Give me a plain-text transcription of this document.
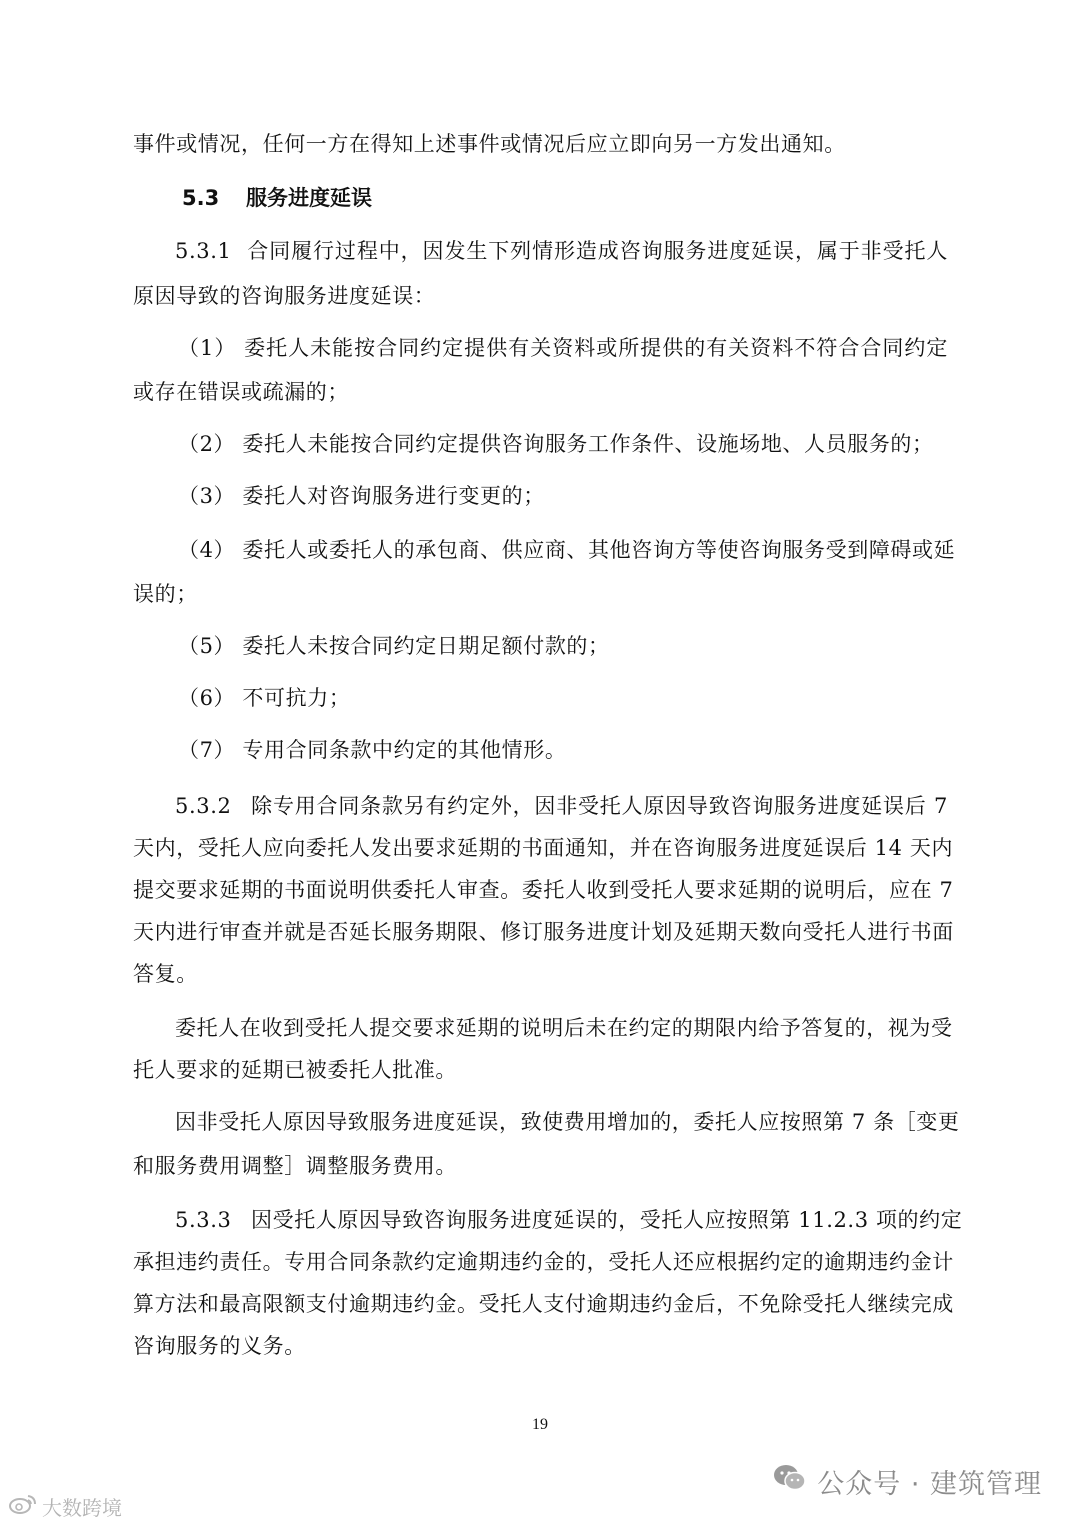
事件或情况，任何一方在得知上述事件或情况后应立即向另一方发出通知。
5.3 服务进度延误
5.3.1 合同履行过程中，因发生下列情形造成咨询服务进度延误，属于非受托人
原因导致的咨询服务进度延误：
（1） 委托人未能按合同约定提供有关资料或所提供的有关资料不符合合同约定
或存在错误或疏漏的；
（2） 委托人未能按合同约定提供咨询服务工作条件、设施场地、人员服务的；
（3） 委托人对咨询服务进行变更的；
（4） 委托人或委托人的承包商、供应商、其他咨询方等使咨询服务受到障碍或延
误的；
（5） 委托人未按合同约定日期足额付款的；
（6） 不可抗力；
（7） 专用合同条款中约定的其他情形。
5.3.2 除专用合同条款另有约定外，因非受托人原因导致咨询服务进度延误后 7
天内，受托人应向委托人发出要求延期的书面通知，并在咨询服务进度延误后 14 天内
提交要求延期的书面说明供委托人审查。委托人收到受托人要求延期的说明后，应在 7
天内进行审查并就是否延长服务期限、修订服务进度计划及延期天数向受托人进行书面
答复。
委托人在收到受托人提交要求延期的说明后未在约定的期限内给予答复的，视为受
托人要求的延期已被委托人批准。
因非受托人原因导致服务进度延误，致使费用增加的，委托人应按照第 7 条［变更
和服务费用调整］调整服务费用。
5.3.3 因受托人原因导致咨询服务进度延误的，受托人应按照第 11.2.3 项的约定
承担违约责任。专用合同条款约定逾期违约金的，受托人还应根据约定的逾期违约金计
算方法和最高限额支付逾期违约金。受托人支付逾期违约金后，不免除受托人继续完成
咨询服务的义务。
19
公众号 · 建筑管理
大数跨境
